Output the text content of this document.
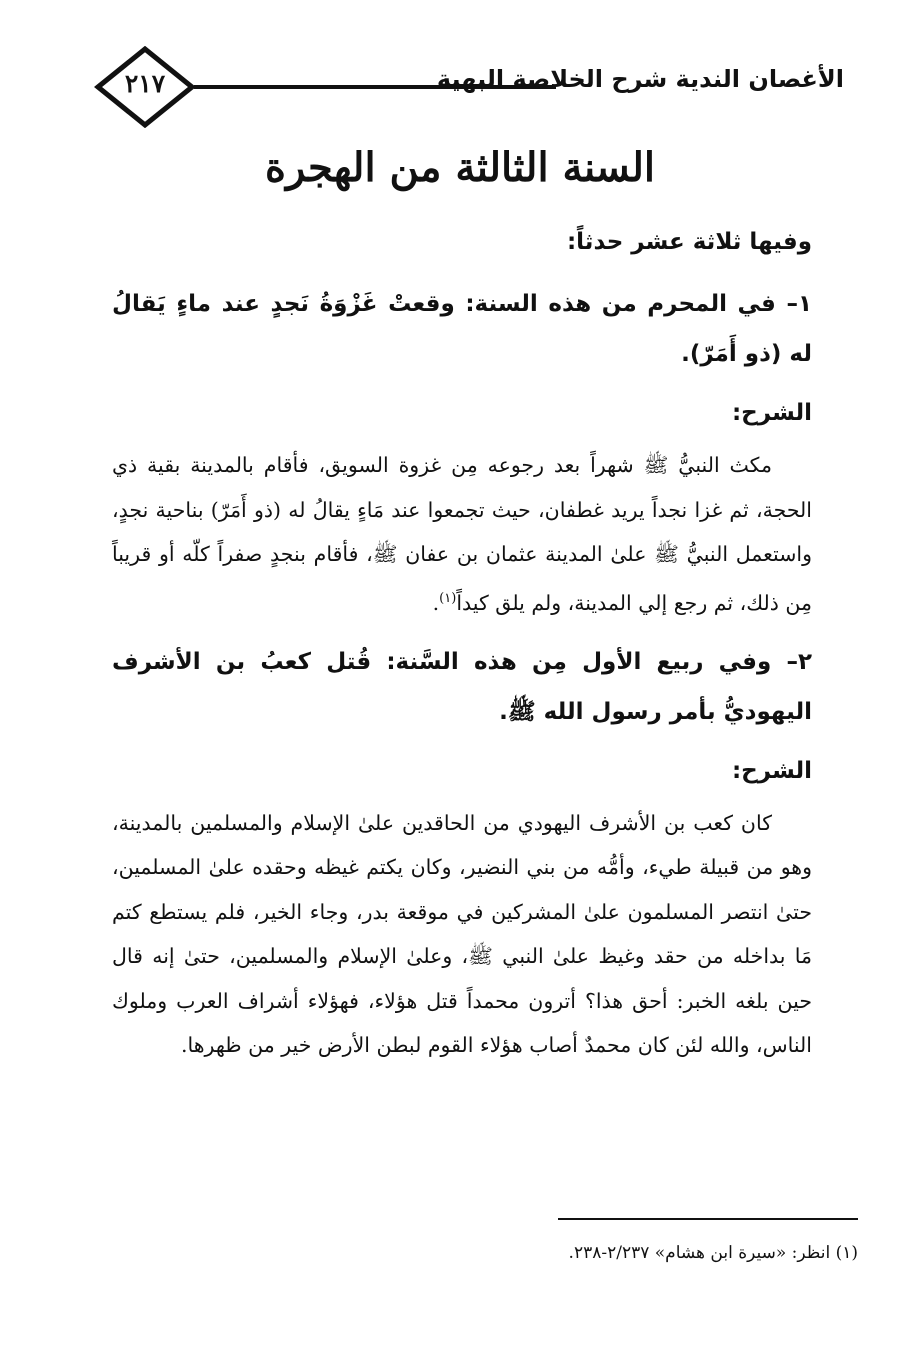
٢١٧	الأغصان الندية شرح الخلاصة البهية
السنة الثالثة من الهجرة
وفيها ثلاثة عشر حدثاً:
١– في المحرم من هذه السنة: وقعتْ غَزْوَةُ نَجدٍ عند ماءٍ يَقالُ له (ذو أَمَرّ).
الشرح:

مكث النبيُّ ﷺ شهراً بعد رجوعه مِن غزوة السويق، فأقام بالمدينة بقية ذي الحجة، ثم غزا نجداً يريد غطفان، حيث تجمعوا عند مَاءٍ يقالُ له (ذو أَمَرّ) بناحية نجدٍ، واستعمل النبيُّ ﷺ علىٰ المدينة عثمان بن عفان ﷺ، فأقام بنجدٍ صفراً كلّه أو قريباً مِن ذلك، ثم رجع إلي المدينة، ولم يلق كيداً$^{(١)}$.

٢– وفي ربيع الأول مِن هذه السَّنة: قُتل كعبُ بن الأشرف اليهوديُّ بأمر رسول الله ﷺ.
الشرح:

كان كعب بن الأشرف اليهودي من الحاقدين علىٰ الإسلام والمسلمين بالمدينة، وهو من قبيلة طيء، وأمُّه من بني النضير، وكان يكتم غيظه وحقده علىٰ المسلمين، حتىٰ انتصر المسلمون علىٰ المشركين في موقعة بدر، وجاء الخير، فلم يستطع كتم مَا بداخله من حقد وغيظ علىٰ النبي ﷺ، وعلىٰ الإسلام والمسلمين، حتىٰ إنه قال حين بلغه الخبر: أحق هذا؟ أترون محمداً قتل هؤلاء، فهؤلاء أشراف العرب وملوك الناس، والله لئن كان محمدٌ أصاب هؤلاء القوم لبطن الأرض خير من ظهرها.

(١) انظر: «سيرة ابن هشام» ٢/٢٣٧-٢٣٨.
